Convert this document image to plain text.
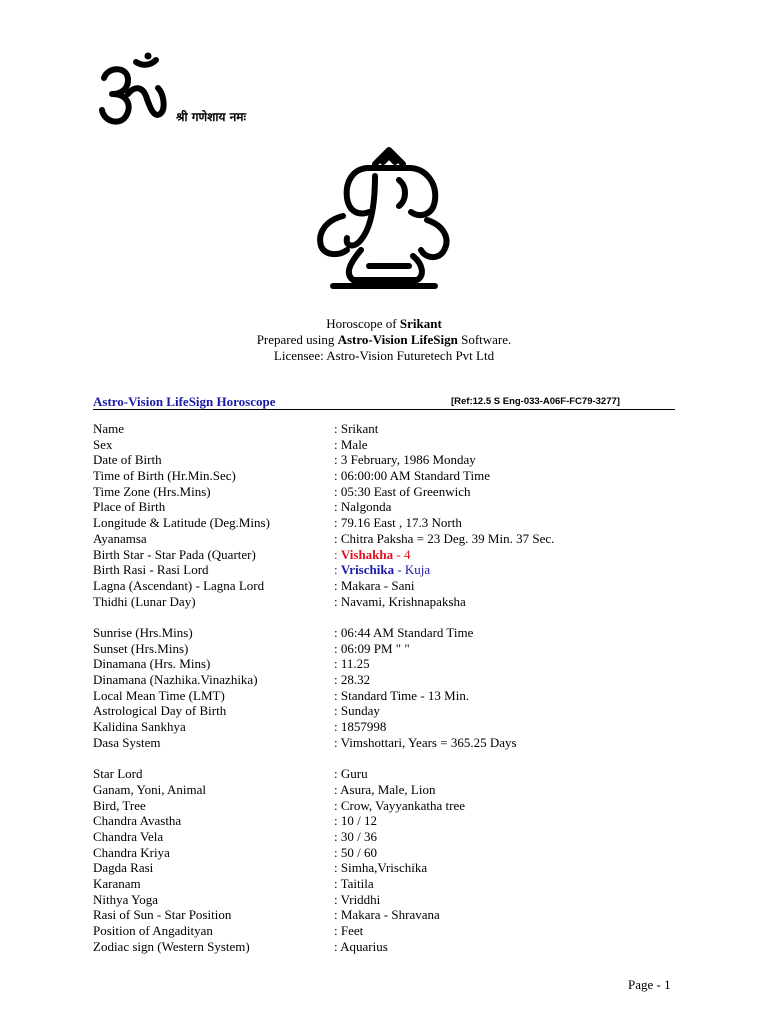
श्री गणेशाय नमः
Horoscope of Srikant
Prepared using Astro-Vision LifeSign Software.
Licensee: Astro-Vision Futuretech Pvt Ltd
Astro-Vision LifeSign Horoscope	[Ref:12.5 S Eng-033-A06F-FC79-3277]
Name	: Srikant
Sex	: Male
Date of Birth	: 3 February, 1986 Monday
Time of Birth (Hr.Min.Sec)	: 06:00:00 AM Standard Time
Time Zone (Hrs.Mins)	: 05:30 East of Greenwich
Place of Birth	: Nalgonda
Longitude & Latitude (Deg.Mins)	: 79.16 East , 17.3 North
Ayanamsa	: Chitra Paksha = 23 Deg. 39 Min. 37 Sec.
Birth Star - Star Pada (Quarter)	: Vishakha - 4
Birth Rasi - Rasi Lord	: Vrischika - Kuja
Lagna (Ascendant) - Lagna Lord	: Makara - Sani
Thidhi (Lunar Day)	: Navami, Krishnapaksha
Sunrise (Hrs.Mins)	: 06:44 AM Standard Time
Sunset (Hrs.Mins)	: 06:09 PM " "
Dinamana (Hrs. Mins)	: 11.25
Dinamana (Nazhika.Vinazhika)	: 28.32
Local Mean Time (LMT)	: Standard Time - 13 Min.
Astrological Day of Birth	: Sunday
Kalidina Sankhya	: 1857998
Dasa System	: Vimshottari, Years = 365.25 Days
Star Lord	: Guru
Ganam, Yoni, Animal	: Asura, Male, Lion
Bird, Tree	: Crow, Vayyankatha tree
Chandra Avastha	: 10 / 12
Chandra Vela	: 30 / 36
Chandra Kriya	: 50 / 60
Dagda Rasi	: Simha,Vrischika
Karanam	: Taitila
Nithya Yoga	: Vriddhi
Rasi of Sun - Star Position	: Makara - Shravana
Position of Angadityan	: Feet
Zodiac sign (Western System)	: Aquarius
Page - 1
